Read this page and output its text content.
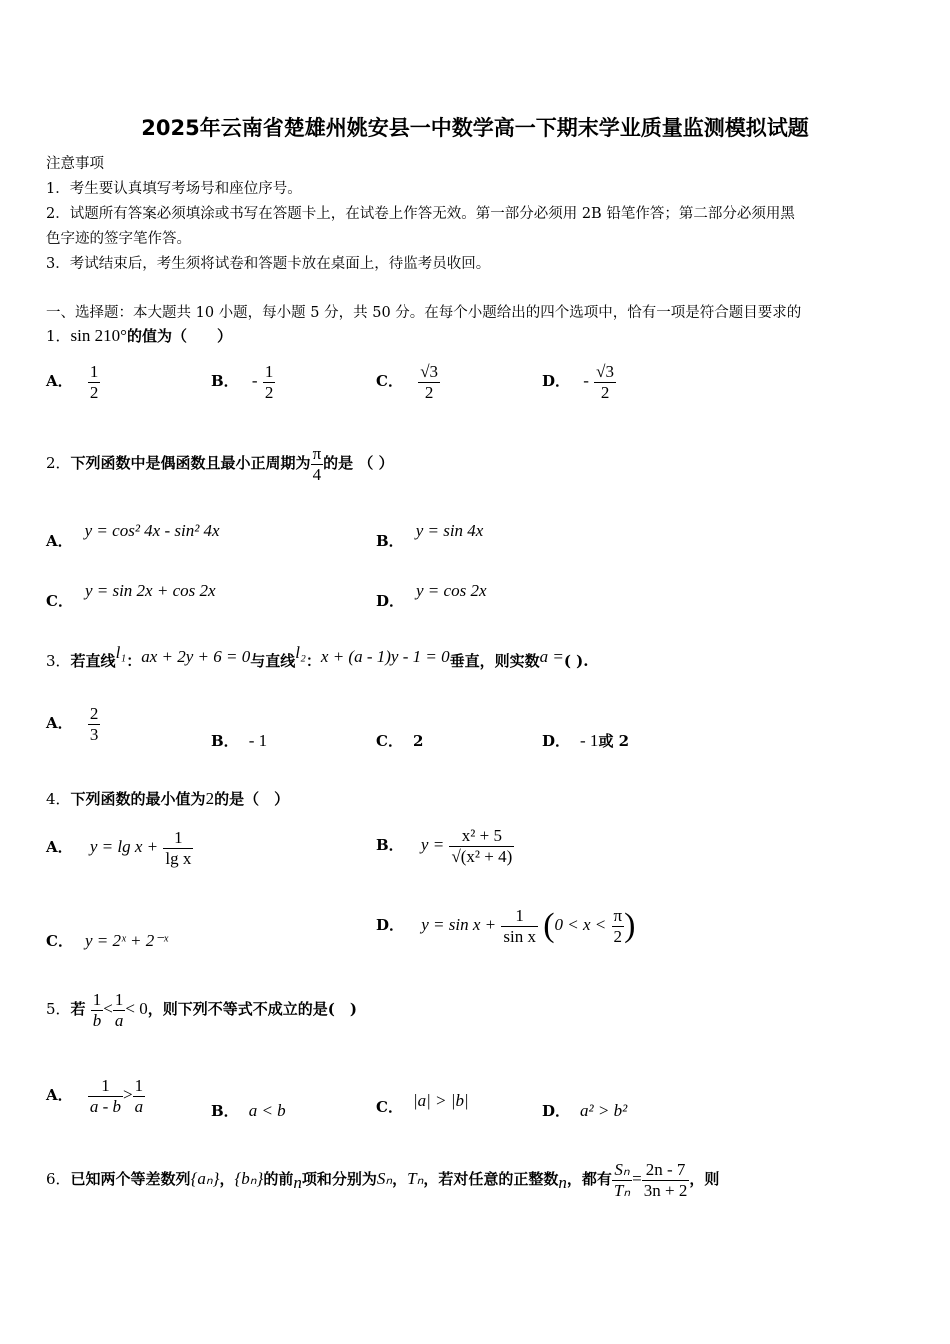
2025年云南省楚雄州姚安县一中数学高一下期末学业质量监测模拟试题
注意事项
1．考生要认真填写考场号和座位序号。
2．试题所有答案必须填涂或书写在答题卡上，在试卷上作答无效。第一部分必须用 2B 铅笔作答；第二部分必须用黑
色字迹的签字笔作答。
3．考试结束后，考生须将试卷和答题卡放在桌面上，待监考员收回。
一、选择题：本大题共 10 小题，每小题 5 分，共 50 分。在每个小题给出的四个选项中，恰有一项是符合题目要求的
1．sin 210°的值为（　　）
A． $\frac{1}{2}$	B． - $\frac{1}{2}$	C． $\frac{√3}{2}$	D． - $\frac{√3}{2}$
2．下列函数中是偶函数且最小正周期为 $\frac{\pi}{4}$ 的是 （ ）
A．y = cos² 4x - sin² 4x
B．y = sin 4x
C．y = sin 2x + cos 2x
D．y = cos 2x
3．若直线l₁：ax + 2y + 6 = 0与直线l₂：x + (a - 1)y - 1 = 0垂直，则实数a =( ).
A． $\frac{2}{3}$	B． - 1	C． 2	D． - 1或 2
4．下列函数的最小值为2的是（　）
A． $y = \lg x + \frac{1}{\text{lg x}}$	B． $y = \frac{\text{x² + 5}}{\text{√(x² + 4)}}$
C． y = 2ˣ + 2⁻ˣ
D． $y = \sin x + \frac{1}{\text{sin x}} (0 < x < \frac{\pi}{2}$ )
5．若 $\frac{1}{b} < \frac{1}{a} < 0$，则下列不等式不成立的是(　)
A． $\frac{1}{a - b} > \frac{1}{a}$	B． a < b	C． |a| > |b|
D． a² > b²
6．已知两个等差数列{aₙ}，{bₙ}的前n项和分别为Sₙ，Tₙ，若对任意的正整数n，都有 $\frac{\text{Sₙ}}{\text{Tₙ}} = \frac{2n - 7}{3n + 2}$ ，则
